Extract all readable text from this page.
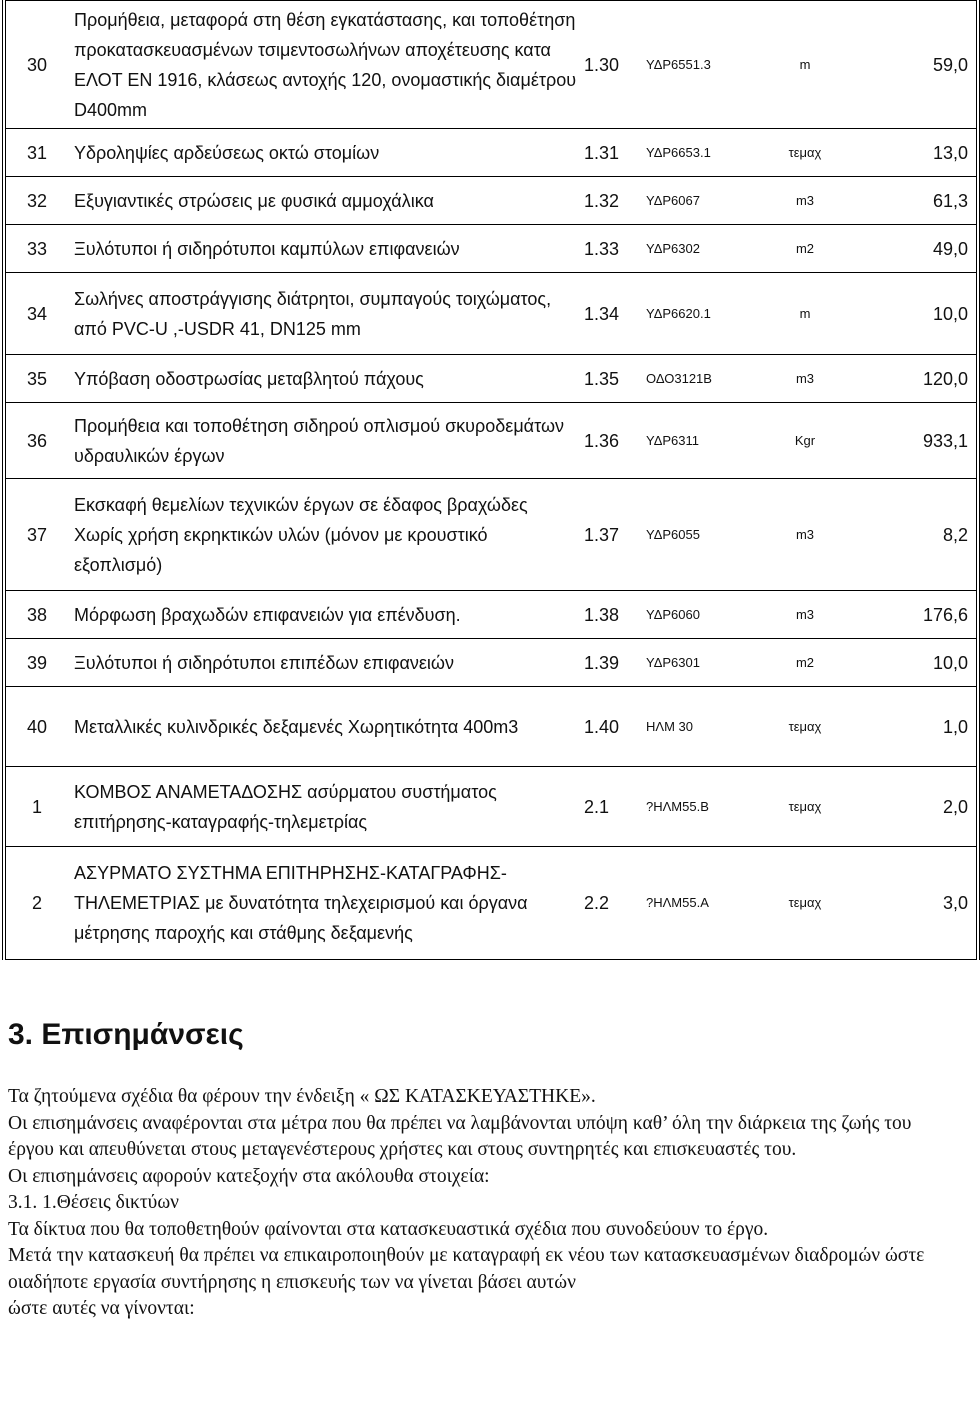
30	Προμήθεια, μεταφορά στη θέση εγκατάστασης, και τοποθέτηση προκατασκευασμένων τσιμεντοσωλήνων αποχέτευσης κατα ΕΛΟΤ ΕΝ 1916, κλάσεως αντοχής 120, ονομαστικής διαμέτρου D400mm	1.30	ΥΔΡ6551.3	m	59,0
31	Υδροληψίες αρδεύσεως οκτώ στομίων	1.31	ΥΔΡ6653.1	τεμαχ	13,0
32	Εξυγιαντικές στρώσεις με φυσικά αμμοχάλικα	1.32	ΥΔΡ6067	m3	61,3
33	Ξυλότυποι ή σιδηρότυποι καμπύλων επιφανειών	1.33	ΥΔΡ6302	m2	49,0
34	Σωλήνες αποστράγγισης διάτρητοι, συμπαγούς τοιχώματος, από PVC-U ,-USDR 41, DN125 mm	1.34	ΥΔΡ6620.1	m	10,0
35	Υπόβαση οδοστρωσίας μεταβλητού πάχους	1.35	ΟΔΟ3121Β	m3	120,0
36	Προμήθεια και τοποθέτηση σιδηρού οπλισμού σκυροδεμάτων υδραυλικών έργων	1.36	ΥΔΡ6311	Kgr	933,1
37	Εκσκαφή θεμελίων τεχνικών έργων σε έδαφος βραχώδες Χωρίς χρήση εκρηκτικών υλών (μόνον με κρουστικό εξοπλισμό)	1.37	ΥΔΡ6055	m3	8,2
38	Μόρφωση βραχωδών επιφανειών για επένδυση.	1.38	ΥΔΡ6060	m3	176,6
39	Ξυλότυποι ή σιδηρότυποι επιπέδων επιφανειών	1.39	ΥΔΡ6301	m2	10,0
40	Μεταλλικές κυλινδρικές δεξαμενές Χωρητικότητα 400m3	1.40	ΗΛΜ 30	τεμαχ	1,0
1	ΚΟΜΒΟΣ ΑΝΑΜΕΤΑΔΟΣΗΣ ασύρματου συστήματος επιτήρησης-καταγραφής-τηλεμετρίας	2.1	?ΗΛΜ55.Β	τεμαχ	2,0
2	ΑΣΥΡΜΑΤΟ ΣΥΣΤΗΜΑ ΕΠΙΤΗΡΗΣΗΣ-ΚΑΤΑΓΡΑΦΗΣ-ΤΗΛΕΜΕΤΡΙΑΣ με δυνατότητα τηλεχειρισμού και όργανα μέτρησης παροχής και στάθμης δεξαμενής	2.2	?ΗΛΜ55.Α	τεμαχ	3,0
3. Επισημάνσεις

Τα ζητούμενα σχέδια θα φέρουν την ένδειξη « ΩΣ ΚΑΤΑΣΚΕΥΑΣΤΗΚΕ».

Οι επισημάνσεις αναφέρονται στα μέτρα που θα πρέπει να λαμβάνονται υπόψη καθ’ όλη την διάρκεια της ζωής του έργου και απευθύνεται στους μεταγενέστερους χρήστες και στους συντηρητές και επισκευαστές του.

Οι επισημάνσεις αφορούν κατεξοχήν στα ακόλουθα στοιχεία:

3.1. 1.Θέσεις δικτύων

Τα δίκτυα που θα τοποθετηθούν φαίνονται στα κατασκευαστικά σχέδια που συνοδεύουν το έργο.

Μετά την κατασκευή θα πρέπει να επικαιροποιηθούν με καταγραφή εκ νέου των κατασκευασμένων διαδρομών ώστε οιαδήποτε εργασία συντήρησης η επισκευής των να γίνεται βάσει αυτών

ώστε αυτές να γίνονται:
